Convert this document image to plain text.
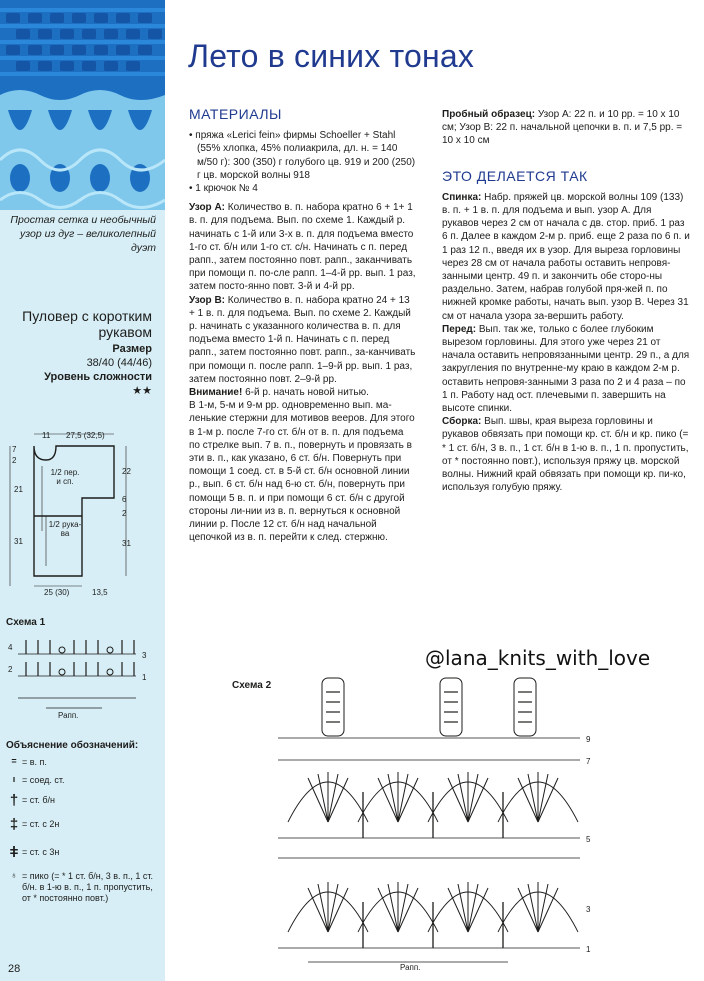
Простая сетка и необычный узор из дуг – великолепный дуэт
Пуловер с коротким рукавом
Размер
38/40 (44/46)
Уровень сложности
★★
11 27,5 (32,5)
7
2
21
31
22
6
2
31
25 (30)	13,5
1/2 пер. и сп.
1/2 рука-ва
Схема 1
4
2
3
1
Рапп.
Объяснение обозначений:
= = в. п.
ı = соед. ст.
† = ст. б/н
‡ = ст. с 2н
ǂ = ст. с 3н
♁ = пико (= * 1 ст. б/н, 3 в. п., 1 ст. б/н. в 1-ю в. п., 1 п. пропустить, от * постоянно повт.)
28
Лето в синих тонах
МАТЕРИАЛЫ

• пряжа «Lerici fein» фирмы Schoeller + Stahl (55% хлопка, 45% полиакрила, дл. н. = 140 м/50 г): 300 (350) г голубого цв. 919 и 200 (250) г цв. морской волны 918

• 1 крючок № 4

Узор А: Количество в. п. набора кратно 6 + 1+ 1 в. п. для подъема. Вып. по схеме 1. Каждый р. начинать с 1-й или 3-х в. п. для подъема вместо 1-го ст. б/н или 1-го ст. с/н. Начинать с п. перед рапп., затем постоянно повт. рапп., заканчивать при помощи п. по-сле рапп. 1–4-й рр. вып. 1 раз, затем посто-янно повт. 3-й и 4-й рр.

Узор В: Количество в. п. набора кратно 24 + 13 + 1 в. п. для подъема. Вып. по схеме 2. Каждый р. начинать с указанного количества в. п. для подъема вместо 1-й п. Начинать с п. перед рапп., затем постоянно повт. рапп., за-канчивать при помощи п. после рапп. 1–9-й рр. вып. 1 раз, затем постоянно повт. 2–9-й рр.

Внимание! 6-й р. начать новой нитью.

В 1-м, 5-м и 9-м рр. одновременно вып. ма-ленькие стержни для мотивов вееров. Для этого в 1-м р. после 7-го ст. б/н от в. п. для подъема по стрелке вып. 7 в. п., повернуть и провязать в эти в. п., как указано, 6 ст. б/н. Повернуть при помощи 1 соед. ст. в 5-й ст. б/н основной линии р., вып. 6 ст. б/н над 6-ю ст. б/н, повернуть при помощи 5 в. п. и при помощи 6 ст. б/н с другой стороны ли-нии из в. п. вернуться к основной линии р. После 12 ст. б/н над начальной цепочкой из в. п. перейти к след. стержню.

Пробный образец: Узор А: 22 п. и 10 рр. = 10 x 10 см; Узор В: 22 п. начальной цепочки в. п. и 7,5 рр. = 10 x 10 см

ЭТО ДЕЛАЕТСЯ ТАК

Спинка: Набр. пряжей цв. морской волны 109 (133) в. п. + 1 в. п. для подъема и вып. узор А. Для рукавов через 2 см от начала с дв. стор. приб. 1 раз 6 п. Далее в каждом 2-м р. приб. еще 2 раза по 6 п. и 1 раз 12 п., введя их в узор. Для выреза горловины через 28 см от начала работы оставить непровя-занными центр. 49 п. и закончить обе сторо-ны раздельно. Затем, набрав голубой пря-жей п. по нижней кромке работы, начать вып. узор В. Через 31 см от начала узора за-вершить работу.

Перед: Вып. так же, только с более глубоким вырезом горловины. Для этого уже через 21 от начала оставить непровязанными центр. 29 п., а для закругления по внутренне-му краю в каждом 2-м р. оставить непровя-занными 3 раза по 2 и 4 раза – по 1 п. Работу над ост. плечевыми п. завершить на высоте спинки.

Сборка: Вып. швы, края выреза горловины и рукавов обвязать при помощи кр. ст. б/н и кр. пико (= * 1 ст. б/н, 3 в. п., 1 ст. б/н в 1-ю в. п., 1 п. пропустить, от * постоянно повт.), используя пряжу цв. морской волны. Нижний край обвязать при помощи кр. пи-ко, используя голубую пряжу.

@lana_knits_with_love
Схема 2
9
7
5
3
1
Рапп.
